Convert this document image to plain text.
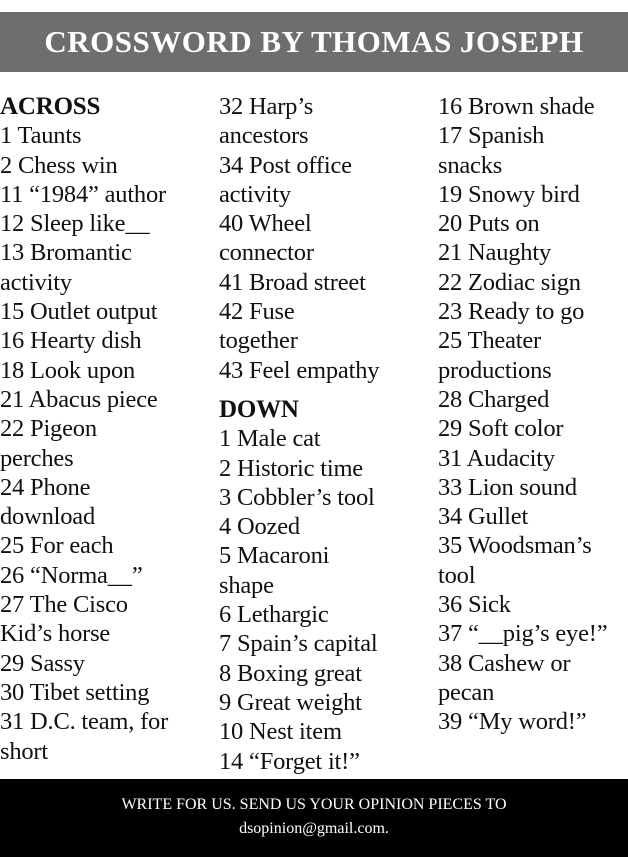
CROSSWORD BY THOMAS JOSEPH
ACROSS
1 Taunts
2 Chess win
11 “1984” author
12 Sleep like__
13 Bromantic
activity
15 Outlet output
16 Hearty dish
18 Look upon
21 Abacus piece
22 Pigeon
perches
24 Phone
download
25 For each
26 “Norma__”
27 The Cisco
Kid’s horse
29 Sassy
30 Tibet setting
31 D.C. team, for
short
32 Harp’s
ancestors
34 Post office
activity
40 Wheel
connector
41 Broad street
42 Fuse
together
43 Feel empathy
DOWN
1 Male cat
2 Historic time
3 Cobbler’s tool
4 Oozed
5 Macaroni
shape
6 Lethargic
7 Spain’s capital
8 Boxing great
9 Great weight
10 Nest item
14 “Forget it!”
16 Brown shade
17 Spanish
snacks
19 Snowy bird
20 Puts on
21 Naughty
22 Zodiac sign
23 Ready to go
25 Theater
productions
28 Charged
29 Soft color
31 Audacity
33 Lion sound
34 Gullet
35 Woodsman’s
tool
36 Sick
37 “__pig’s eye!”
38 Cashew or
pecan
39 “My word!”
WRITE FOR US. SEND US YOUR OPINION PIECES TO
dsopinion@gmail.com.
